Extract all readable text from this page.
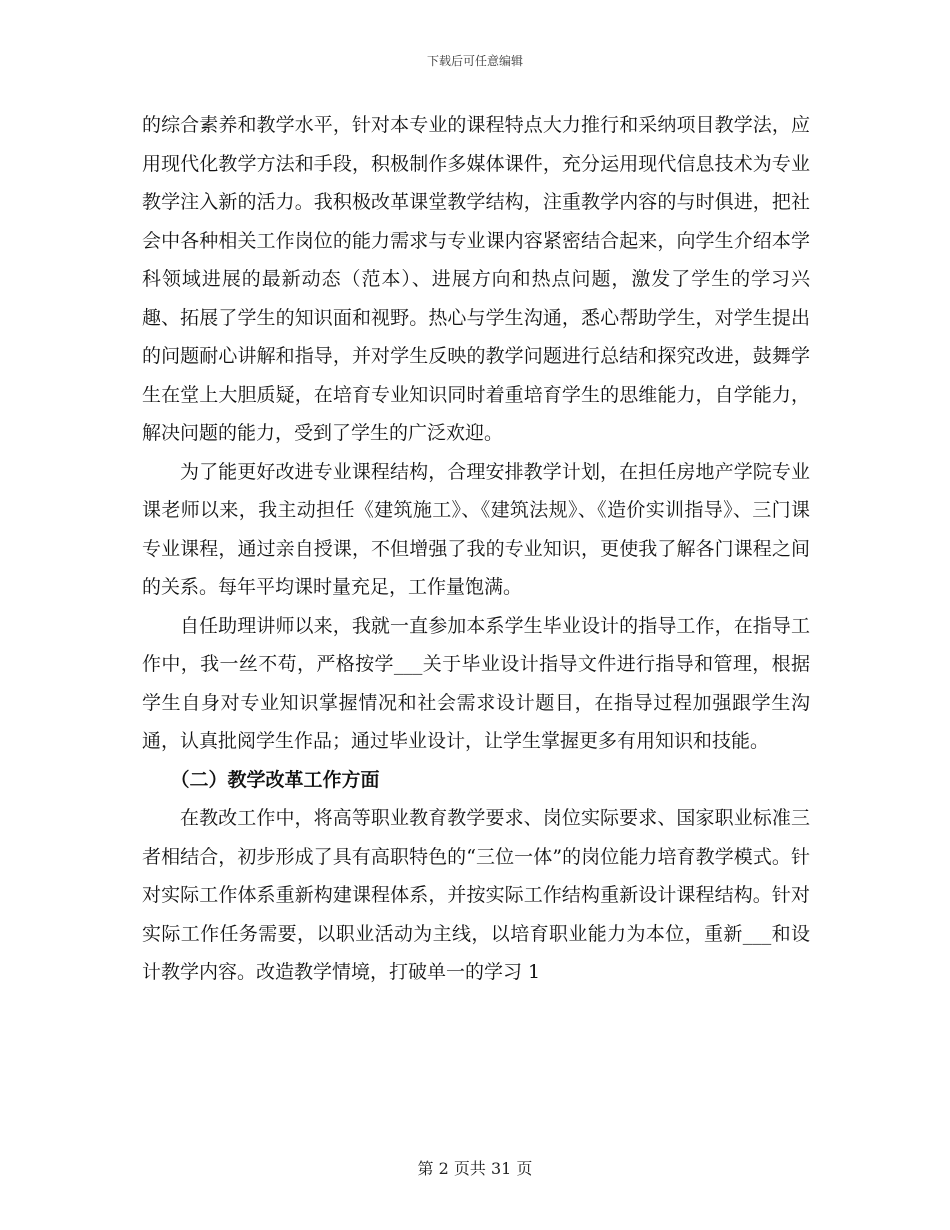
下载后可任意编辑

的综合素养和教学水平，针对本专业的课程特点大力推行和采纳项目教学法，应用现代化教学方法和手段，积极制作多媒体课件，充分运用现代信息技术为专业教学注入新的活力。我积极改革课堂教学结构，注重教学内容的与时俱进，把社会中各种相关工作岗位的能力需求与专业课内容紧密结合起来，向学生介绍本学科领域进展的最新动态（范本）、进展方向和热点问题，激发了学生的学习兴趣、拓展了学生的知识面和视野。热心与学生沟通，悉心帮助学生，对学生提出的问题耐心讲解和指导，并对学生反映的教学问题进行总结和探究改进，鼓舞学生在堂上大胆质疑，在培育专业知识同时着重培育学生的思维能力，自学能力，解决问题的能力，受到了学生的广泛欢迎。

为了能更好改进专业课程结构，合理安排教学计划，在担任房地产学院专业课老师以来，我主动担任《建筑施工》、《建筑法规》、《造价实训指导》、三门课专业课程，通过亲自授课，不但增强了我的专业知识，更使我了解各门课程之间的关系。每年平均课时量充足，工作量饱满。

自任助理讲师以来，我就一直参加本系学生毕业设计的指导工作，在指导工作中，我一丝不苟，严格按学___关于毕业设计指导文件进行指导和管理，根据学生自身对专业知识掌握情况和社会需求设计题目，在指导过程加强跟学生沟通，认真批阅学生作品；通过毕业设计，让学生掌握更多有用知识和技能。

（二）教学改革工作方面

在教改工作中，将高等职业教育教学要求、岗位实际要求、国家职业标准三者相结合，初步形成了具有高职特色的“三位一体”的岗位能力培育教学模式。针对实际工作体系重新构建课程体系，并按实际工作结构重新设计课程结构。针对实际工作任务需要，以职业活动为主线，以培育职业能力为本位，重新___和设计教学内容。改造教学情境，打破单一的学习 1

第 2 页共 31 页
